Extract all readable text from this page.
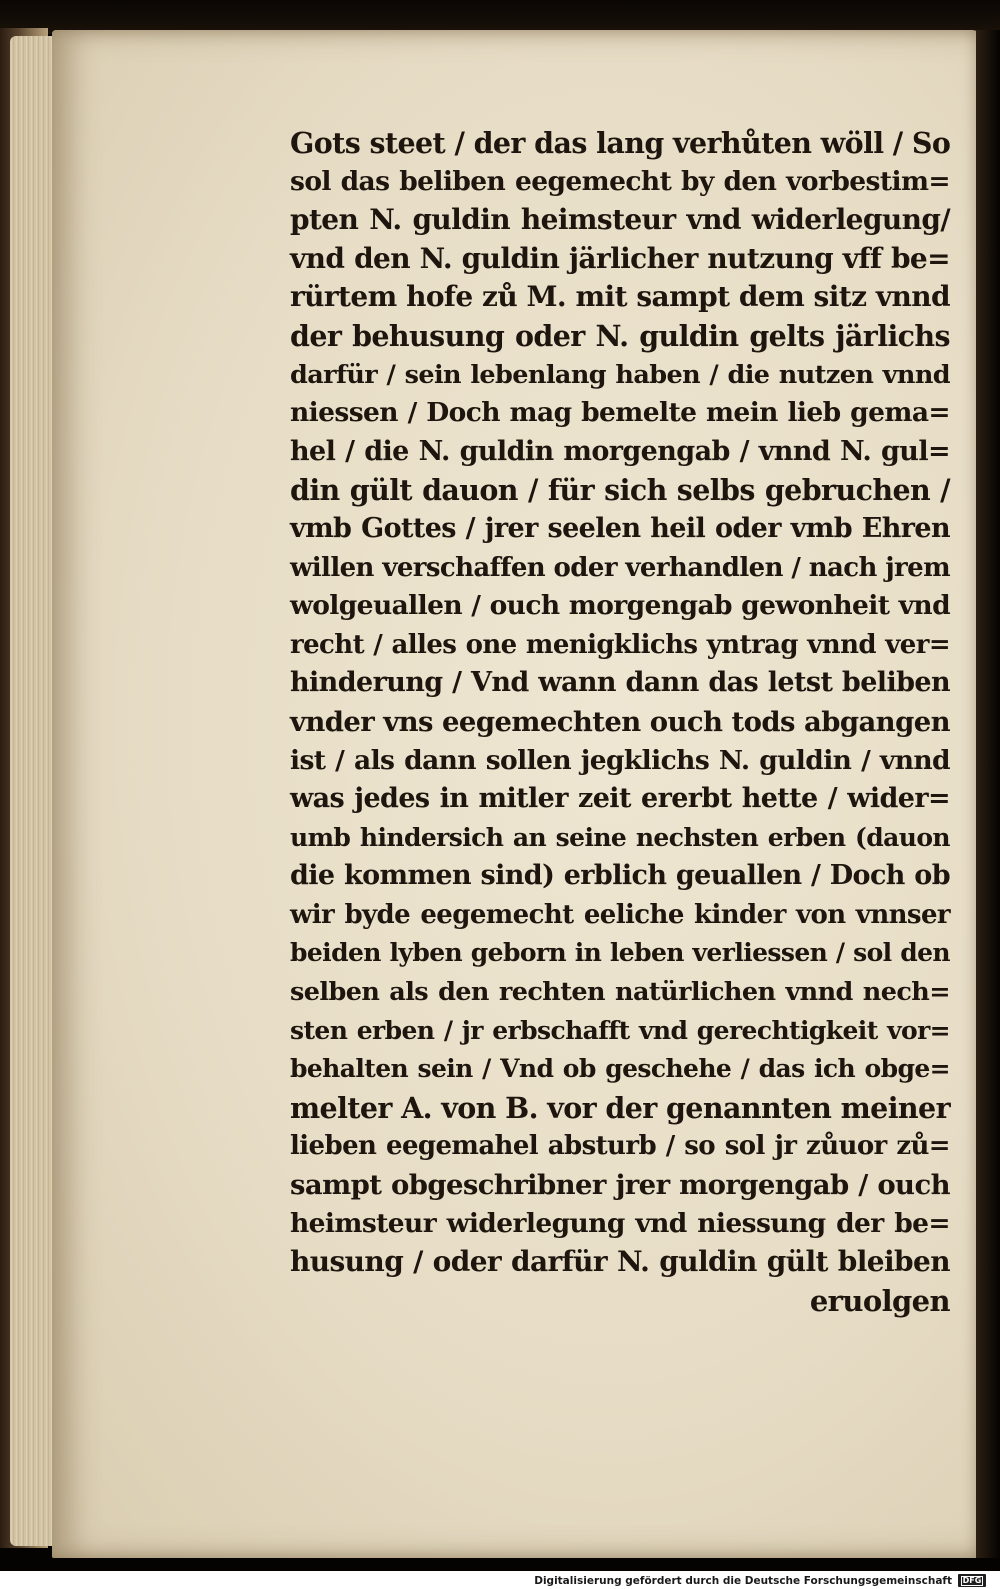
Gots steet / der das lang verhůten wöll / So
sol das beliben eegemecht by den vorbestim=
pten N. guldin heimsteur vnd widerlegung/
vnd den N. guldin järlicher nutzung vff be=
rürtem hofe zů M. mit sampt dem sitz vnnd
der behusung oder N. guldin gelts järlichs
darfür / sein lebenlang haben / die nutzen vnnd
niessen / Doch mag bemelte mein lieb gema=
hel / die N. guldin morgengab / vnnd N. gul=
din gült dauon / für sich selbs gebruchen /
vmb Gottes / jrer seelen heil oder vmb Ehren
willen verschaffen oder verhandlen / nach jrem
wolgeuallen / ouch morgengab gewonheit vnd
recht / alles one menigklichs yntrag vnnd ver=
hinderung / Vnd wann dann das letst beliben
vnder vns eegemechten ouch tods abgangen
ist / als dann sollen jegklichs N. guldin / vnnd
was jedes in mitler zeit ererbt hette / wider=
umb hindersich an seine nechsten erben (dauon
die kommen sind) erblich geuallen / Doch ob
wir byde eegemecht eeliche kinder von vnnser
beiden lyben geborn in leben verliessen / sol den
selben als den rechten natürlichen vnnd nech=
sten erben / jr erbschafft vnd gerechtigkeit vor=
behalten sein / Vnd ob geschehe / das ich obge=
melter A. von B. vor der genannten meiner
lieben eegemahel absturb / so sol jr zůuor zů=
sampt obgeschribner jrer morgengab / ouch
heimsteur widerlegung vnd niessung der be=
husung / oder darfür N. guldin gült bleiben
eruolgen
Digitalisierung gefördert durch die Deutsche Forschungsgemeinschaft	DFG
